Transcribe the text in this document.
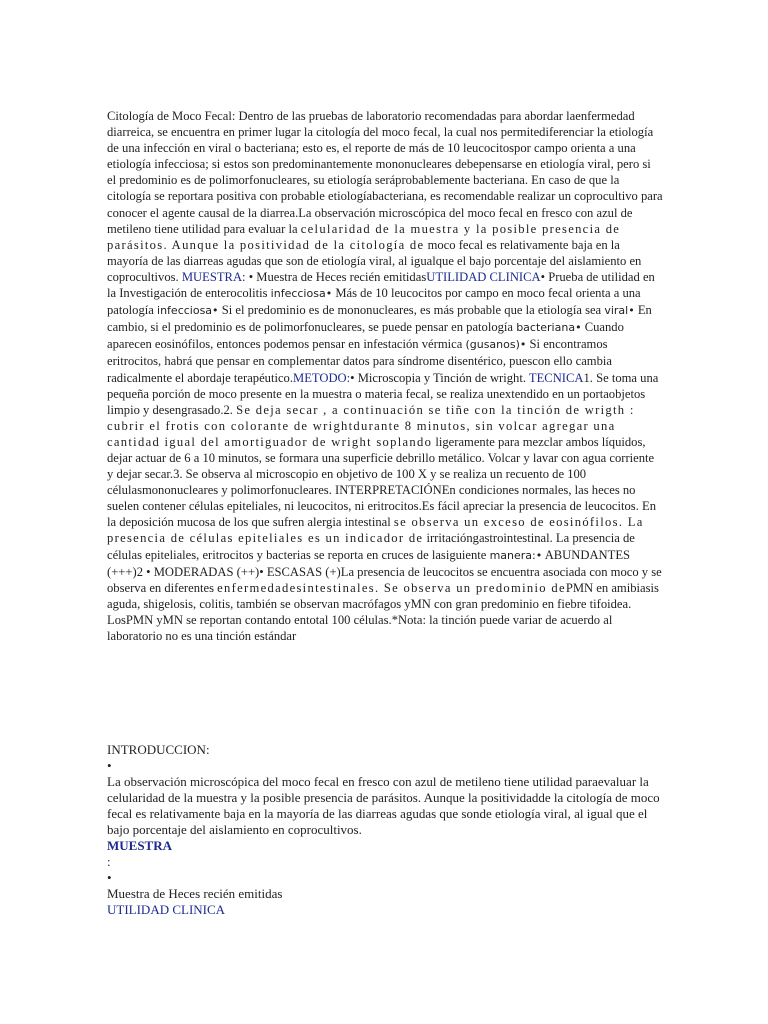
Citología de Moco Fecal: Dentro de las pruebas de laboratorio recomendadas para abordar laenfermedad diarreica, se encuentra en primer lugar la citología del moco fecal, la cual nos permitediferenciar la etiología de una infección en viral o bacteriana; esto es, el reporte de más de 10 leucocitospor campo orienta a una etiología infecciosa; si estos son predominantemente mononucleares debepensarse en etiología viral, pero si el predominio es de polimorfonucleares, su etiología seráprobablemente bacteriana. En caso de que la citología se reportara positiva con probable etiologíabacteriana, es recomendable realizar un coprocultivo para conocer el agente causal de la diarrea.La observación microscópica del moco fecal en fresco con azul de metileno tiene utilidad para evaluar la celularidad de la muestra y la posible presencia de parásitos. Aunque la positividad de la citología de moco fecal es relativamente baja en la mayoría de las diarreas agudas que son de etiología viral, al igualque el bajo porcentaje del aislamiento en coprocultivos. MUESTRA: • Muestra de Heces recién emitidasUTILIDAD CLINICA• Prueba de utilidad en la Investigación de enterocolitis infecciosa• Más de 10 leucocitos por campo en moco fecal orienta a una patología infecciosa• Si el predominio es de mononucleares, es más probable que la etiología sea viral• En cambio, si el predominio es de polimorfonucleares, se puede pensar en patología bacteriana• Cuando aparecen eosinófilos, entonces podemos pensar en infestación vérmica (gusanos)• Si encontramos eritrocitos, habrá que pensar en complementar datos para síndrome disentérico, puescon ello cambia radicalmente el abordaje terapéutico.METODO:• Microscopia y Tinción de wright. TECNICA1. Se toma una pequeña porción de moco presente en la muestra o materia fecal, se realiza unextendido en un portaobjetos limpio y desengrasado.2. Se deja secar , a continuación se tiñe con la tinción de wrigth : cubrir el frotis con colorante de wrightdurante 8 minutos, sin volcar agregar una cantidad igual del amortiguador de wright soplando ligeramente para mezclar ambos líquidos, dejar actuar de 6 a 10 minutos, se formara una superficie debrillo metálico. Volcar y lavar con agua corriente y dejar secar.3. Se observa al microscopio en objetivo de 100 X y se realiza un recuento de 100 célulasmononucleares y polimorfonucleares. INTERPRETACIÓNEn condiciones normales, las heces no suelen contener células epiteliales, ni leucocitos, ni eritrocitos.Es fácil apreciar la presencia de leucocitos. En la deposición mucosa de los que sufren alergia intestinal se observa un exceso de eosinófilos. La presencia de células epiteliales es un indicador de irritacióngastrointestinal. La presencia de células epiteliales, eritrocitos y bacterias se reporta en cruces de lasiguiente manera:• ABUNDANTES (+++)2 • MODERADAS (++)• ESCASAS (+)La presencia de leucocitos se encuentra asociada con moco y se observa en diferentes enfermedadesintestinales. Se observa un predominio dePMN en amibiasis aguda, shigelosis, colitis, también se observan macrófagos yMN con gran predominio en fiebre tifoidea. LosPMN yMN se reportan contando entotal 100 células.*Nota: la tinción puede variar de acuerdo al laboratorio no es una tinción estándar

INTRODUCCION:

•

La observación microscópica del moco fecal en fresco con azul de metileno tiene utilidad paraevaluar la celularidad de la muestra y la posible presencia de parásitos. Aunque la positividadde la citología de moco fecal es relativamente baja en la mayoría de las diarreas agudas que sonde etiología viral, al igual que el bajo porcentaje del aislamiento en coprocultivos.

MUESTRA

:

•

Muestra de Heces recién emitidas

UTILIDAD CLINICA
